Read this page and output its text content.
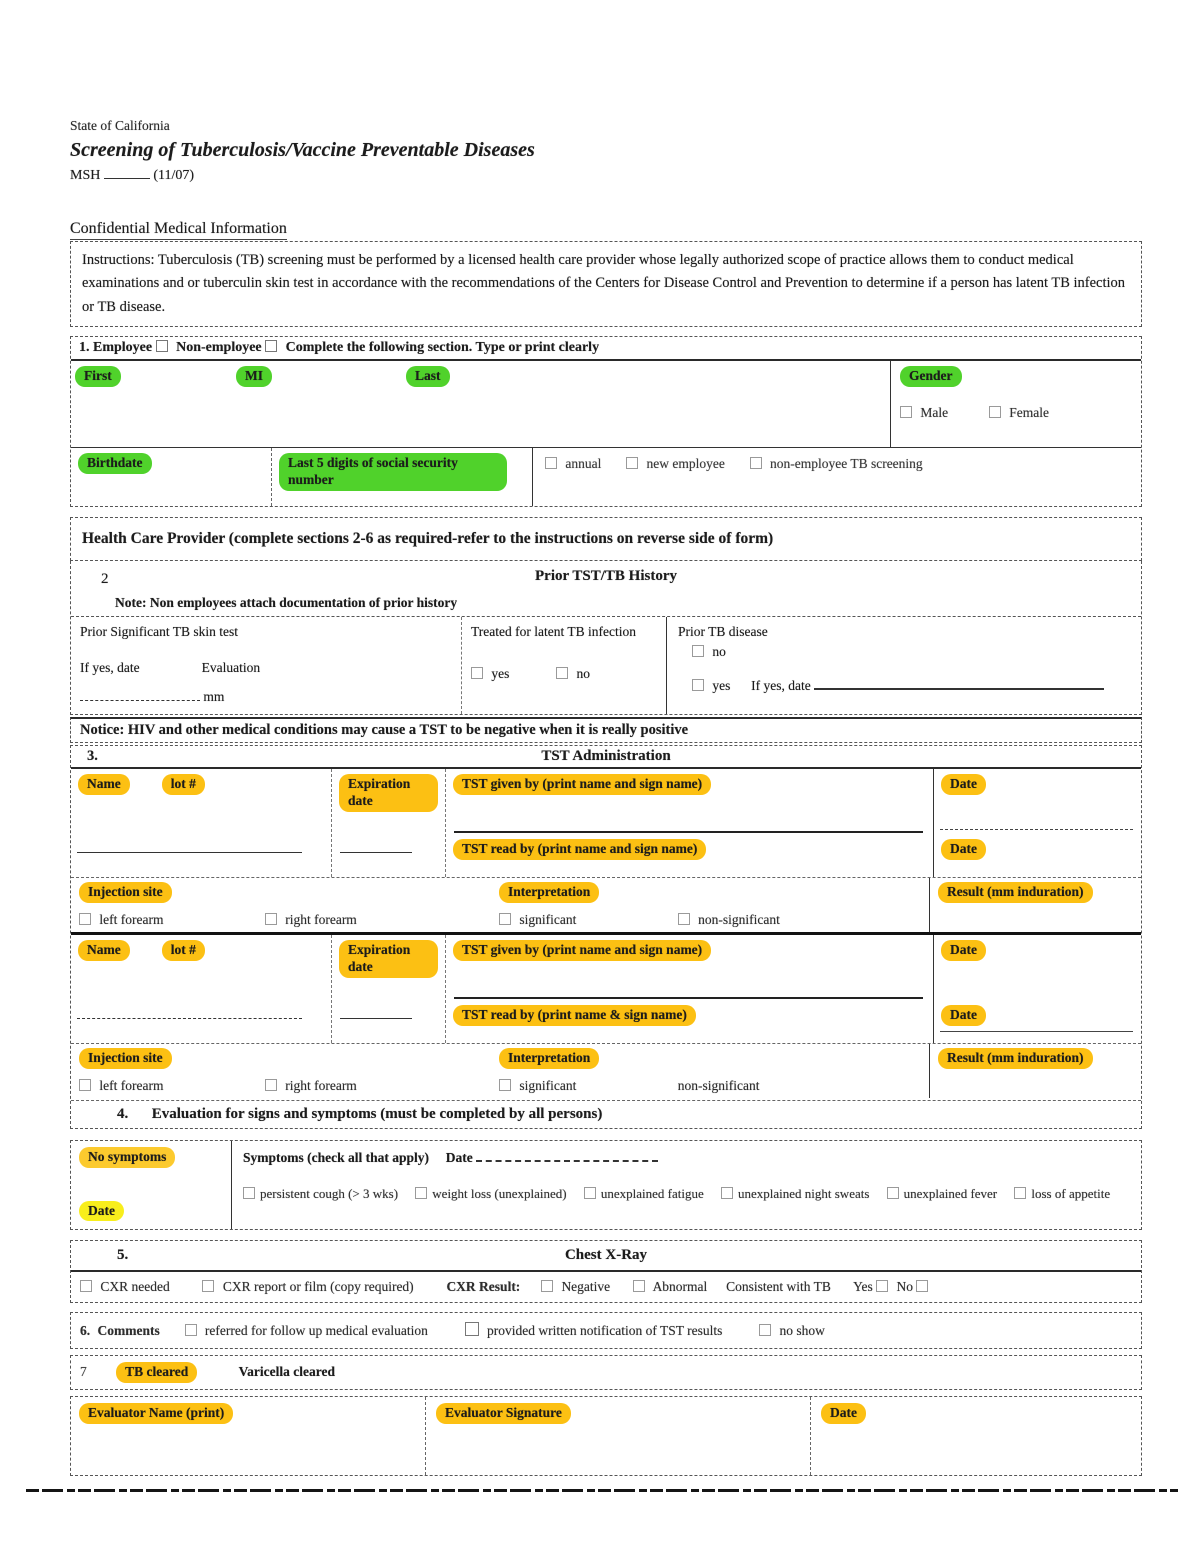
State of California
Screening of Tuberculosis/Vaccine Preventable Diseases
MSH	(11/07)
Confidential Medical Information
Instructions: Tuberculosis (TB) screening must be performed by a licensed health care provider whose legally authorized scope of practice allows them to conduct medical examinations and or tuberculin skin test in accordance with the recommendations of the Centers for Disease Control and Prevention to determine if a person has latent TB infection or TB disease.
1. Employee Non-employee Complete the following section. Type or print clearly
First	MI	Last	Gender
Male	Female
Birthdate	Last 5 digits of social security number
annual	new employee	non-employee TB screening
Health Care Provider (complete sections 2-6 as required-refer to the instructions on reverse side of form)
2	Prior TST/TB History
Note: Non employees attach documentation of prior history
Prior Significant TB skin test
If yes, date	Evaluation
mm
Treated for latent TB infection
yes	no
Prior TB disease
no
yes If yes, date
Notice: HIV and other medical conditions may cause a TST to be negative when it is really positive
3.	TST Administration
Name	lot #	Expiration date
TST given by (print name and sign name)
TST read by (print name and sign name)
Date
Date
Injection site
left forearm	right forearm
Interpretation
significant	non-significant
Result (mm induration)
Name	lot #	Expiration date
TST given by (print name and sign name)
TST read by (print name & sign name)
Date
Date
Injection site
left forearm	right forearm
Interpretation
significant	non-significant
Result (mm induration)
4. Evaluation for signs and symptoms (must be completed by all persons)
No symptoms
Date
Symptoms (check all that apply) Date
persistent cough (> 3 wks)	weight loss (unexplained)	unexplained fatigue	unexplained night sweats	unexplained fever	loss of appetite
5.	Chest X-Ray
CXR needed	CXR report or film (copy required) CXR Result:	Negative	Abnormal Consistent with TB Yes No
6. Comments	referred for follow up medical evaluation	provided written notification of TST results	no show
7	TB cleared	Varicella cleared
Evaluator Name (print)	Evaluator Signature	Date
